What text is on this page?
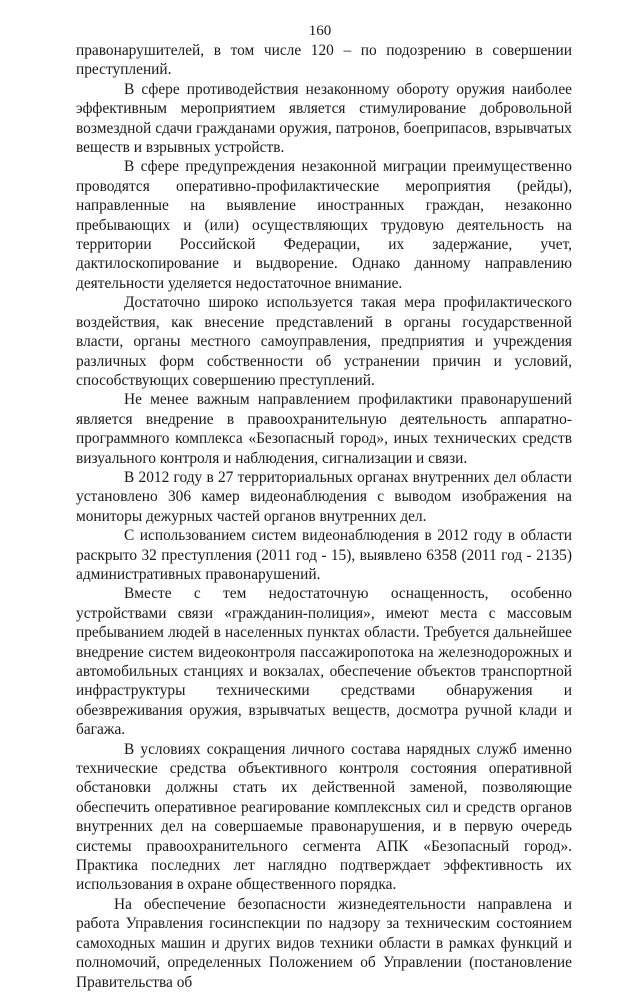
160

правонарушителей, в том числе 120 – по подозрению в совершении преступлений.

В сфере противодействия незаконному обороту оружия наиболее эффективным мероприятием является стимулирование добровольной возмездной сдачи гражданами оружия, патронов, боеприпасов, взрывчатых веществ и взрывных устройств.

В сфере предупреждения незаконной миграции преимущественно проводятся оперативно-профилактические мероприятия (рейды), направленные на выявление иностранных граждан, незаконно пребывающих и (или) осуществляющих трудовую деятельность на территории Российской Федерации, их задержание, учет, дактилоскопирование и выдворение. Однако данному направлению деятельности уделяется недостаточное внимание.

Достаточно широко используется такая мера профилактического воздействия, как внесение представлений в органы государственной власти, органы местного самоуправления, предприятия и учреждения различных форм собственности об устранении причин и условий, способствующих совершению преступлений.

Не менее важным направлением профилактики правонарушений является внедрение в правоохранительную деятельность аппаратно-программного комплекса «Безопасный город», иных технических средств визуального контроля и наблюдения, сигнализации и связи.

В 2012 году в 27 территориальных органах внутренних дел области установлено 306 камер видеонаблюдения с выводом изображения на мониторы дежурных частей органов внутренних дел.

С использованием систем видеонаблюдения в 2012 году в области раскрыто 32 преступления (2011 год - 15), выявлено 6358 (2011 год - 2135) административных правонарушений.

Вместе с тем недостаточную оснащенность, особенно устройствами связи «гражданин-полиция», имеют места с массовым пребыванием людей в населенных пунктах области. Требуется дальнейшее внедрение систем видеоконтроля пассажиропотока на железнодорожных и автомобильных станциях и вокзалах, обеспечение объектов транспортной инфраструктуры техническими средствами обнаружения и обезвреживания оружия, взрывчатых веществ, досмотра ручной клади и багажа.

В условиях сокращения личного состава нарядных служб именно технические средства объективного контроля состояния оперативной обстановки должны стать их действенной заменой, позволяющие обеспечить оперативное реагирование комплексных сил и средств органов внутренних дел на совершаемые правонарушения, и в первую очередь системы правоохранительного сегмента АПК «Безопасный город». Практика последних лет наглядно подтверждает эффективность их использования в охране общественного порядка.

На обеспечение безопасности жизнедеятельности направлена и работа Управления госинспекции по надзору за техническим состоянием самоходных машин и других видов техники области в рамках функций и полномочий, определенных Положением об Управлении (постановление Правительства об
